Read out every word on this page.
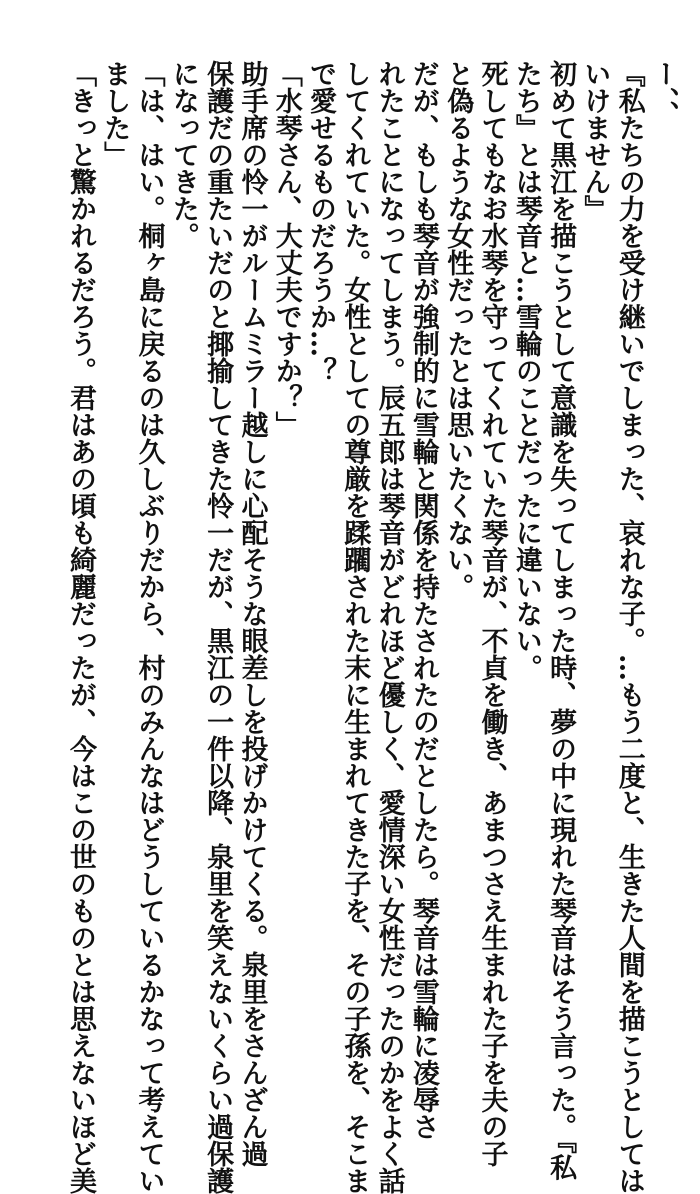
ー、、
『私たちの力を受け継いでしまった、哀れな子。…もう二度と、生きた人間を描こうとしては
いけません』
初めて黒江を描こうとして意識を失ってしまった時、夢の中に現れた琴音はそう言った。『私
たち』とは琴音と…雪輪のことだったに違いない。
死してもなお水琴を守ってくれていた琴音が、不貞を働き、あまつさえ生まれた子を夫の子
と偽るような女性だったとは思いたくない。
だが、もしも琴音が強制的に雪輪と関係を持たされたのだとしたら。琴音は雪輪に凌辱さ
れたことになってしまう。辰五郎は琴音がどれほど優しく、愛情深い女性だったのかをよく話
してくれていた。女性としての尊厳を蹂躙された末に生まれてきた子を、その子孫を、そこま
で愛せるものだろうか…？
「水琴さん、大丈夫ですか？」
助手席の怜一がルームミラー越しに心配そうな眼差しを投げかけてくる。泉里をさんざん過
保護だの重たいだのと揶揄してきた怜一だが、黒江の一件以降、泉里を笑えないくらい過保護
になってきた。
「は、はい。桐ヶ島に戻るのは久しぶりだから、村のみんなはどうしているかなって考えてい
ました」
「きっと驚かれるだろう。君はあの頃も綺麗だったが、今はこの世のものとは思えないほど美
